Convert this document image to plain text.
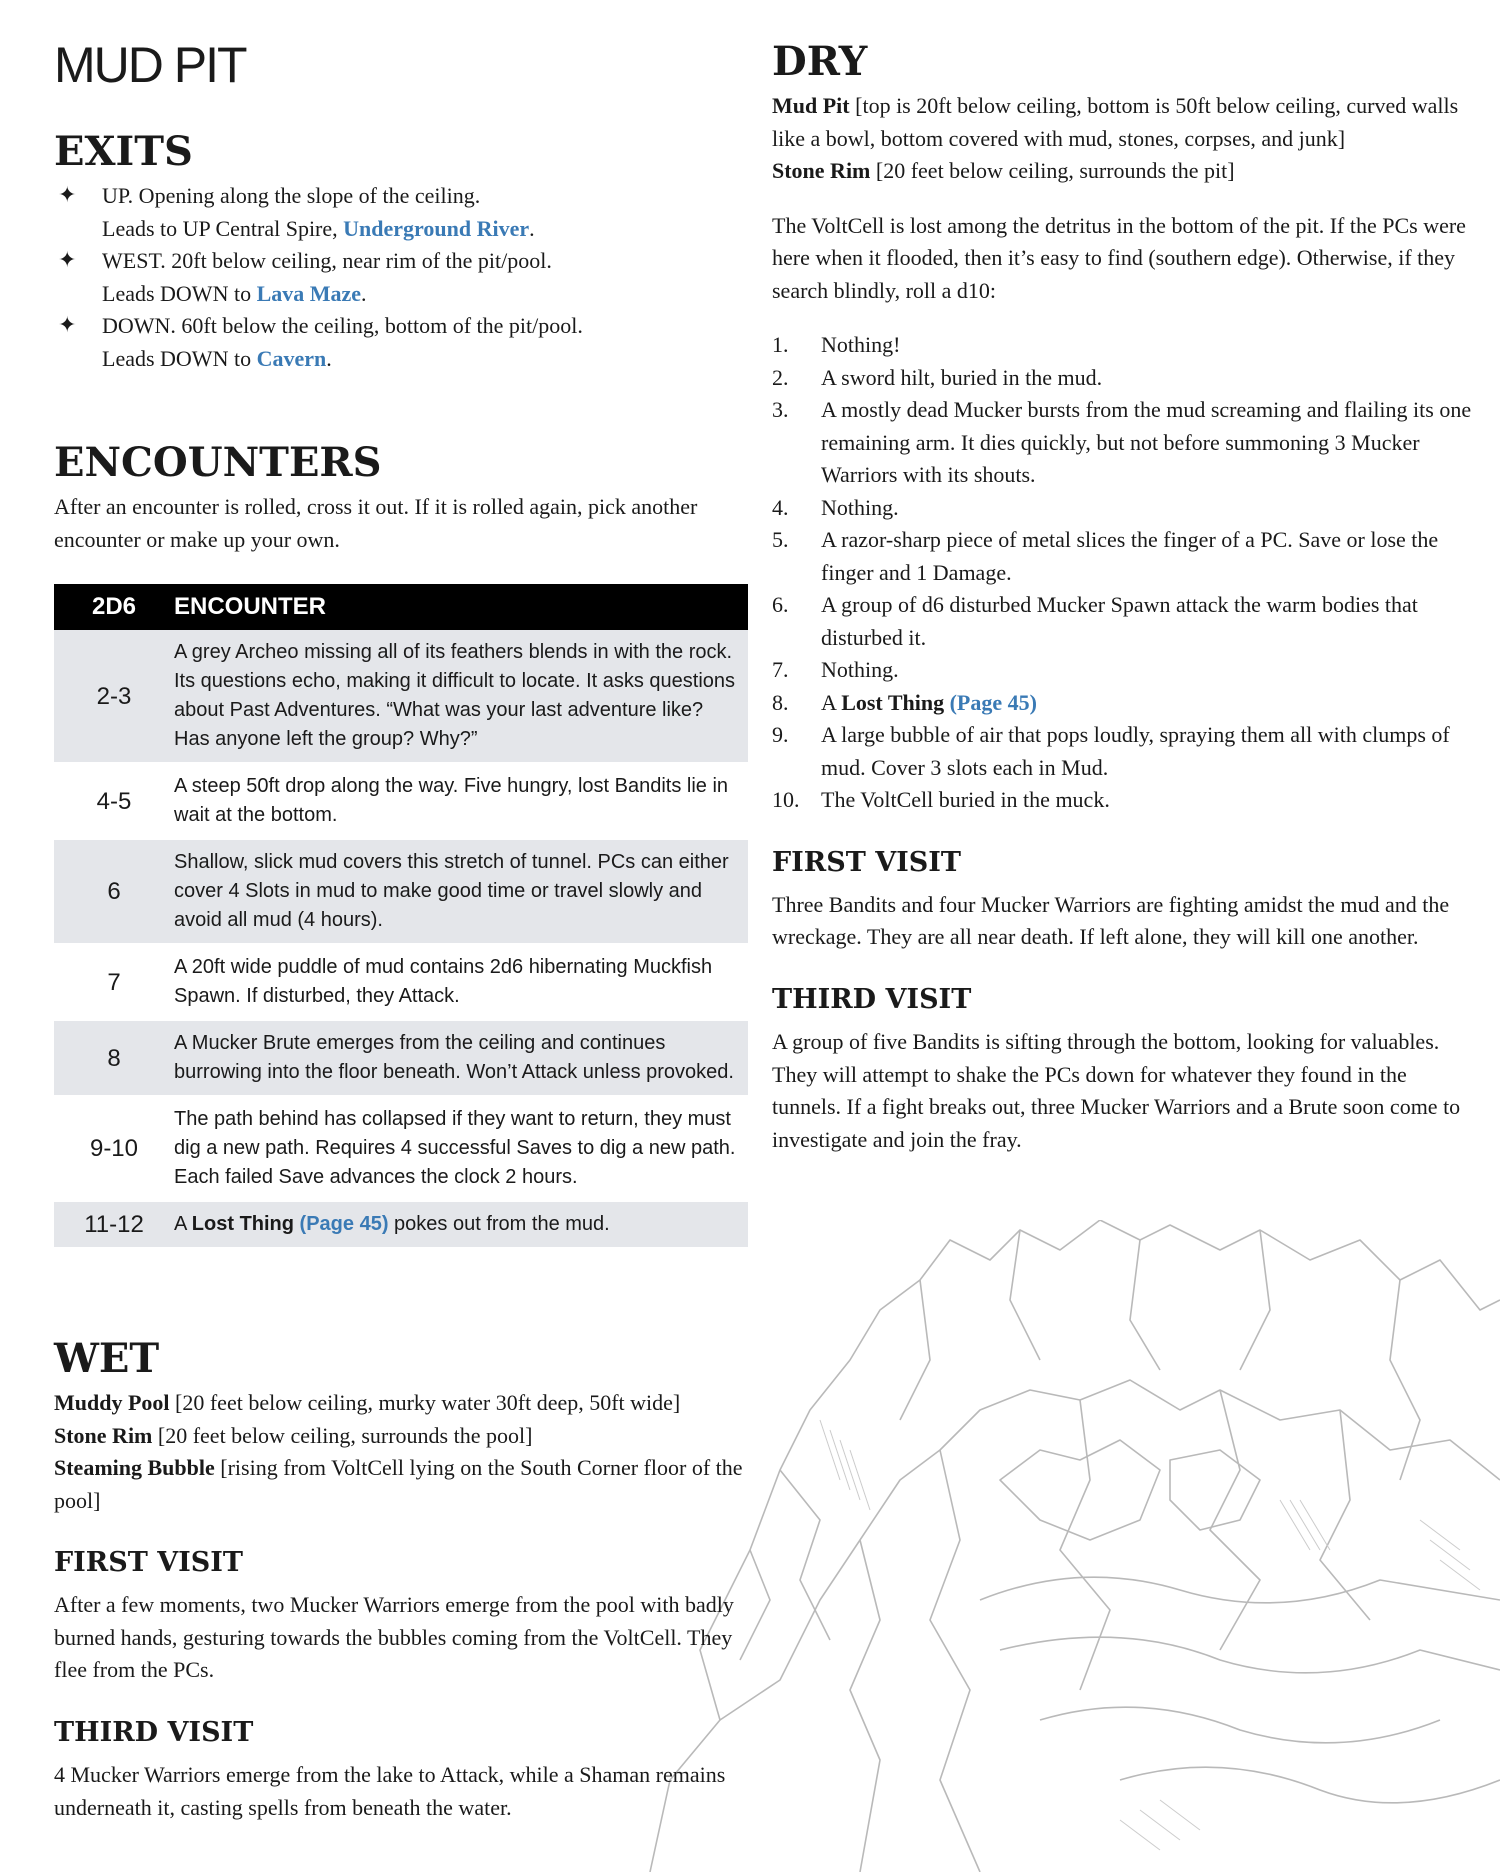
MUD PIT
EXITS
✦ UP. Opening along the slope of the ceiling.
Leads to UP Central Spire, Underground River.
✦ WEST. 20ft below ceiling, near rim of the pit/pool.
Leads DOWN to Lava Maze.
✦ DOWN. 60ft below the ceiling, bottom of the pit/pool.
Leads DOWN to Cavern.
ENCOUNTERS

After an encounter is rolled, cross it out. If it is rolled again, pick another encounter or make up your own.

2D6	ENCOUNTER
2-3	A grey Archeo missing all of its feathers blends in with the rock. Its questions echo, making it difficult to locate. It asks questions about Past Adventures. “What was your last adventure like? Has anyone left the group? Why?”
4-5	A steep 50ft drop along the way. Five hungry, lost Bandits lie in wait at the bottom.
6	Shallow, slick mud covers this stretch of tunnel. PCs can either cover 4 Slots in mud to make good time or travel slowly and avoid all mud (4 hours).
7	A 20ft wide puddle of mud contains 2d6 hibernating Muckfish Spawn. If disturbed, they Attack.
8	A Mucker Brute emerges from the ceiling and continues burrowing into the floor beneath. Won’t Attack unless provoked.
9-10	The path behind has collapsed if they want to return, they must dig a new path. Requires 4 successful Saves to dig a new path. Each failed Save advances the clock 2 hours.
11-12	A Lost Thing (Page 45) pokes out from the mud.
WET

Muddy Pool [20 feet below ceiling, murky water 30ft deep, 50ft wide]

Stone Rim [20 feet below ceiling, surrounds the pool]

Steaming Bubble [rising from VoltCell lying on the South Corner floor of the pool]

FIRST VISIT

After a few moments, two Mucker Warriors emerge from the pool with badly burned hands, gesturing towards the bubbles coming from the VoltCell. They flee from the PCs.

THIRD VISIT

4 Mucker Warriors emerge from the lake to Attack, while a Shaman remains underneath it, casting spells from beneath the water.

DRY

Mud Pit [top is 20ft below ceiling, bottom is 50ft below ceiling, curved walls like a bowl, bottom covered with mud, stones, corpses, and junk]

Stone Rim [20 feet below ceiling, surrounds the pit]

The VoltCell is lost among the detritus in the bottom of the pit. If the PCs were here when it flooded, then it’s easy to find (southern edge). Otherwise, if they search blindly, roll a d10:

1. Nothing!
2. A sword hilt, buried in the mud.
3. A mostly dead Mucker bursts from the mud screaming and flailing its one remaining arm. It dies quickly, but not before summoning 3 Mucker Warriors with its shouts.
4. Nothing.
5. A razor-sharp piece of metal slices the finger of a PC. Save or lose the finger and 1 Damage.
6. A group of d6 disturbed Mucker Spawn attack the warm bodies that disturbed it.
7. Nothing.
8. A Lost Thing (Page 45)
9. A large bubble of air that pops loudly, spraying them all with clumps of mud. Cover 3 slots each in Mud.
10. The VoltCell buried in the muck.
FIRST VISIT

Three Bandits and four Mucker Warriors are fighting amidst the mud and the wreckage. They are all near death. If left alone, they will kill one another.

THIRD VISIT

A group of five Bandits is sifting through the bottom, looking for valuables. They will attempt to shake the PCs down for whatever they found in the tunnels. If a fight breaks out, three Mucker Warriors and a Brute soon come to investigate and join the fray.
